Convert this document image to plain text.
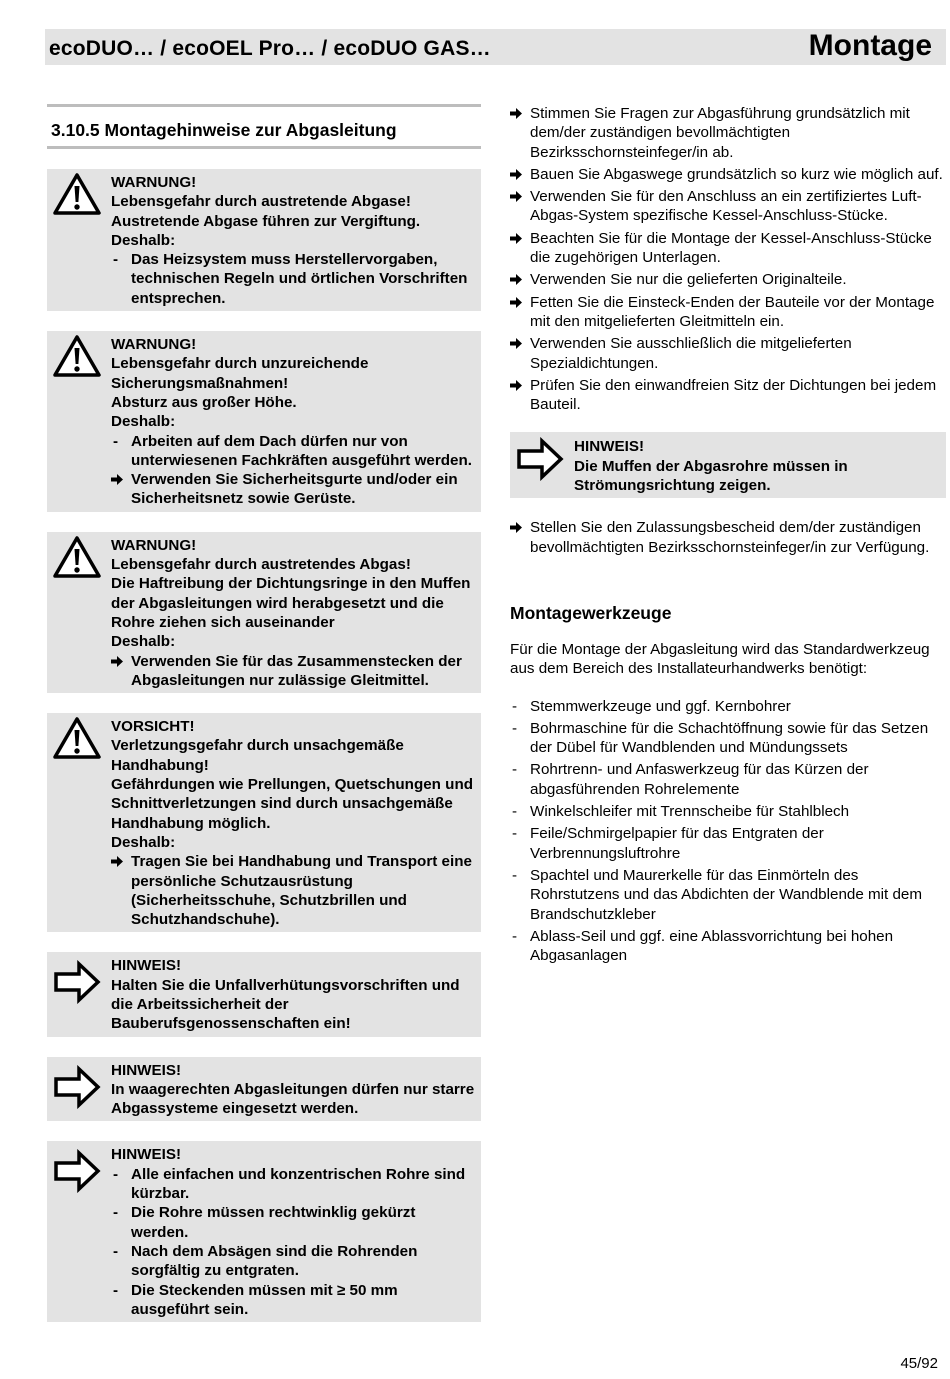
ecoDUO… / ecoOEL Pro… / ecoDUO GAS…	Montage
3.10.5 Montagehinweise zur Abgasleitung

WARNUNG!

Lebensgefahr durch austretende Abgase!

Austretende Abgase führen zur Vergiftung.

Deshalb:

- Das Heizsystem muss Herstellervorgaben, technischen Regeln und örtlichen Vorschriften entsprechen.

WARNUNG!

Lebensgefahr durch unzureichende Sicherungsmaßnahmen!

Absturz aus großer Höhe.

Deshalb:

- Arbeiten auf dem Dach dürfen nur von unterwiesenen Fachkräften ausgeführt werden.
Verwenden Sie Sicherheitsgurte und/oder ein Sicherheitsnetz sowie Gerüste.

WARNUNG!

Lebensgefahr durch austretendes Abgas!

Die Haftreibung der Dichtungsringe in den Muffen der Abgasleitungen wird herabgesetzt und die Rohre ziehen sich auseinander

Deshalb:

Verwenden Sie für das Zusammenstecken der Abgasleitungen nur zulässige Gleitmittel.

VORSICHT!

Verletzungsgefahr durch unsachgemäße Handhabung!

Gefährdungen wie Prellungen, Quetschungen und Schnittverletzungen sind durch unsachgemäße Handhabung möglich.

Deshalb:

Tragen Sie bei Handhabung und Transport eine persönliche Schutzausrüstung (Sicherheitsschuhe, Schutzbrillen und Schutzhandschuhe).

HINWEIS!

Halten Sie die Unfallverhütungsvorschriften und die Arbeitssicherheit der Bauberufsgenossenschaften ein!

HINWEIS!

In waagerechten Abgasleitungen dürfen nur starre Abgassysteme eingesetzt werden.

HINWEIS!

- Alle einfachen und konzentrischen Rohre sind kürzbar.
- Die Rohre müssen rechtwinklig gekürzt werden.
- Nach dem Absägen sind die Rohrenden sorgfältig zu entgraten.
- Die Steckenden müssen mit ≥ 50 mm ausgeführt sein.
Stimmen Sie Fragen zur Abgasführung grundsätzlich mit dem/der zuständigen bevollmächtigten Bezirksschornsteinfeger/in ab.
Bauen Sie Abgaswege grundsätzlich so kurz wie möglich auf.
Verwenden Sie für den Anschluss an ein zertifiziertes Luft-Abgas-System spezifische Kessel-Anschluss-Stücke.
Beachten Sie für die Montage der Kessel-Anschluss-Stücke die zugehörigen Unterlagen.
Verwenden Sie nur die gelieferten Originalteile.
Fetten Sie die Einsteck-Enden der Bauteile vor der Montage mit den mitgelieferten Gleitmitteln ein.
Verwenden Sie ausschließlich die mitgelieferten Spezialdichtungen.
Prüfen Sie den einwandfreien Sitz der Dichtungen bei jedem Bauteil.

HINWEIS!

Die Muffen der Abgasrohre müssen in Strömungsrichtung zeigen.

Stellen Sie den Zulassungsbescheid dem/der zuständigen bevollmächtigten Bezirksschornsteinfeger/in zur Verfügung.
Montagewerkzeuge

Für die Montage der Abgasleitung wird das Standardwerkzeug aus dem Bereich des Installateurhandwerks benötigt:

- Stemmwerkzeuge und ggf. Kernbohrer
- Bohrmaschine für die Schachtöffnung sowie für das Setzen der Dübel für Wandblenden und Mündungssets
- Rohrtrenn- und Anfaswerkzeug für das Kürzen der abgasführenden Rohrelemente
- Winkelschleifer mit Trennscheibe für Stahlblech
- Feile/Schmirgelpapier für das Entgraten der Verbrennungsluftrohre
- Spachtel und Maurerkelle für das Einmörteln des Rohrstutzens und das Abdichten der Wandblende mit dem Brandschutzkleber
- Ablass-Seil und ggf. eine Ablassvorrichtung bei hohen Abgasanlagen
45/92
